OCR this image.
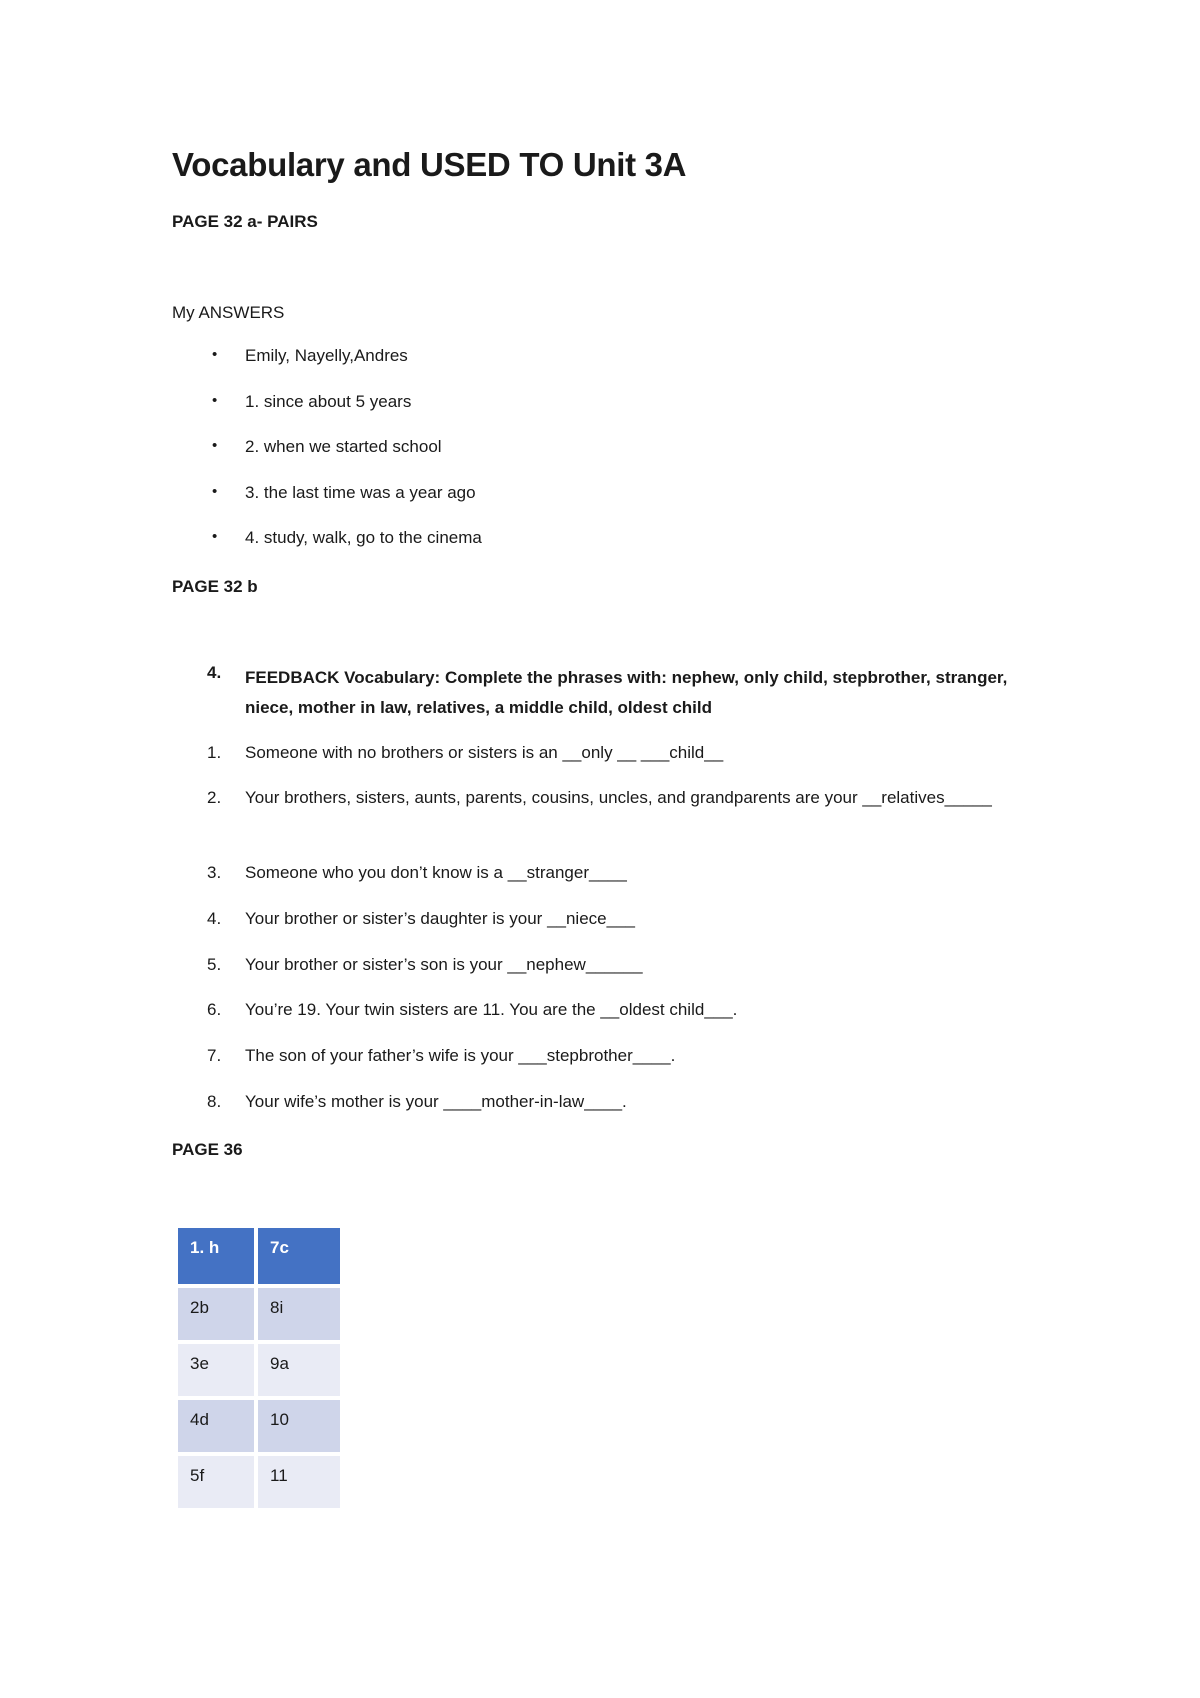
Vocabulary and USED TO Unit 3A

PAGE 32 a- PAIRS

My ANSWERS

• Emily, Nayelly,Andres
• 1. since about 5 years
• 2. when we started school
• 3. the last time was a year ago
• 4. study, walk, go to the cinema

PAGE 32 b

4. FEEDBACK Vocabulary: Complete the phrases with: nephew, only child, stepbrother, stranger, niece, mother in law, relatives, a middle child, oldest child
1. Someone with no brothers or sisters is an __only __ ___child__
2. Your brothers, sisters, aunts, parents, cousins, uncles, and grandparents are your __relatives_____
3. Someone who you don’t know is a __stranger____
4. Your brother or sister’s daughter is your __niece___
5. Your brother or sister’s son is your __nephew______
6. You’re 19. Your twin sisters are 11. You are the __oldest child___.
7. The son of your father’s wife is your ___stepbrother____.
8. Your wife’s mother is your ____mother-in-law____.

PAGE 36

1. h	7c
2b	8i
3e	9a
4d	10
5f	11
